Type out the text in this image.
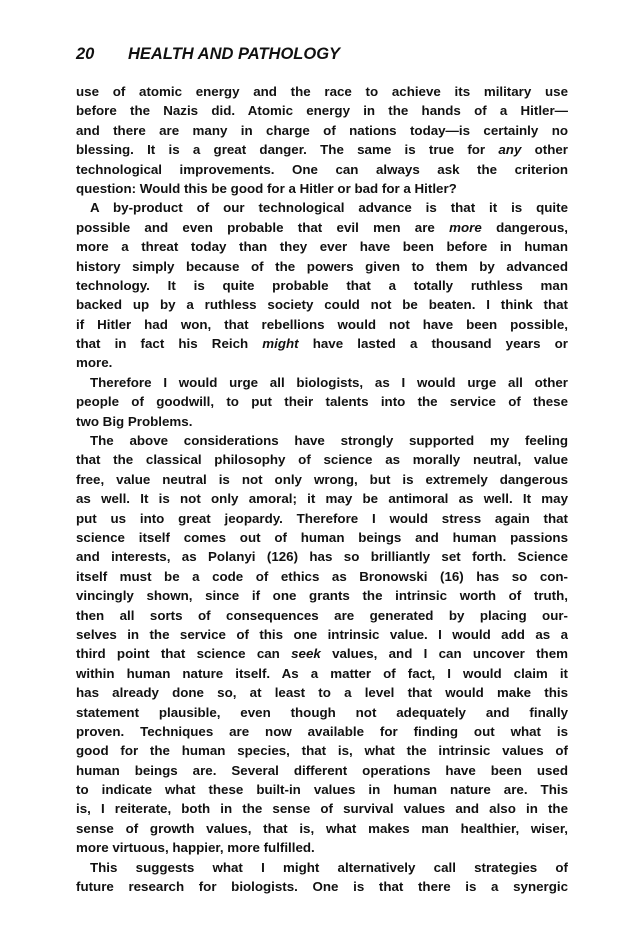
20 HEALTH AND PATHOLOGY
use of atomic energy and the race to achieve its military use
before the Nazis did. Atomic energy in the hands of a Hitler—
and there are many in charge of nations today—is certainly no
blessing. It is a great danger. The same is true for any other
technological improvements. One can always ask the criterion
question: Would this be good for a Hitler or bad for a Hitler?
A by-product of our technological advance is that it is quite
possible and even probable that evil men are more dangerous,
more a threat today than they ever have been before in human
history simply because of the powers given to them by advanced
technology. It is quite probable that a totally ruthless man
backed up by a ruthless society could not be beaten. I think that
if Hitler had won, that rebellions would not have been possible,
that in fact his Reich might have lasted a thousand years or
more.
Therefore I would urge all biologists, as I would urge all other
people of goodwill, to put their talents into the service of these
two Big Problems.
The above considerations have strongly supported my feeling
that the classical philosophy of science as morally neutral, value
free, value neutral is not only wrong, but is extremely dangerous
as well. It is not only amoral; it may be antimoral as well. It may
put us into great jeopardy. Therefore I would stress again that
science itself comes out of human beings and human passions
and interests, as Polanyi (126) has so brilliantly set forth. Science
itself must be a code of ethics as Bronowski (16) has so con-
vincingly shown, since if one grants the intrinsic worth of truth,
then all sorts of consequences are generated by placing our-
selves in the service of this one intrinsic value. I would add as a
third point that science can seek values, and I can uncover them
within human nature itself. As a matter of fact, I would claim it
has already done so, at least to a level that would make this
statement plausible, even though not adequately and finally
proven. Techniques are now available for finding out what is
good for the human species, that is, what the intrinsic values of
human beings are. Several different operations have been used
to indicate what these built-in values in human nature are. This
is, I reiterate, both in the sense of survival values and also in the
sense of growth values, that is, what makes man healthier, wiser,
more virtuous, happier, more fulfilled.
This suggests what I might alternatively call strategies of
future research for biologists. One is that there is a synergic
